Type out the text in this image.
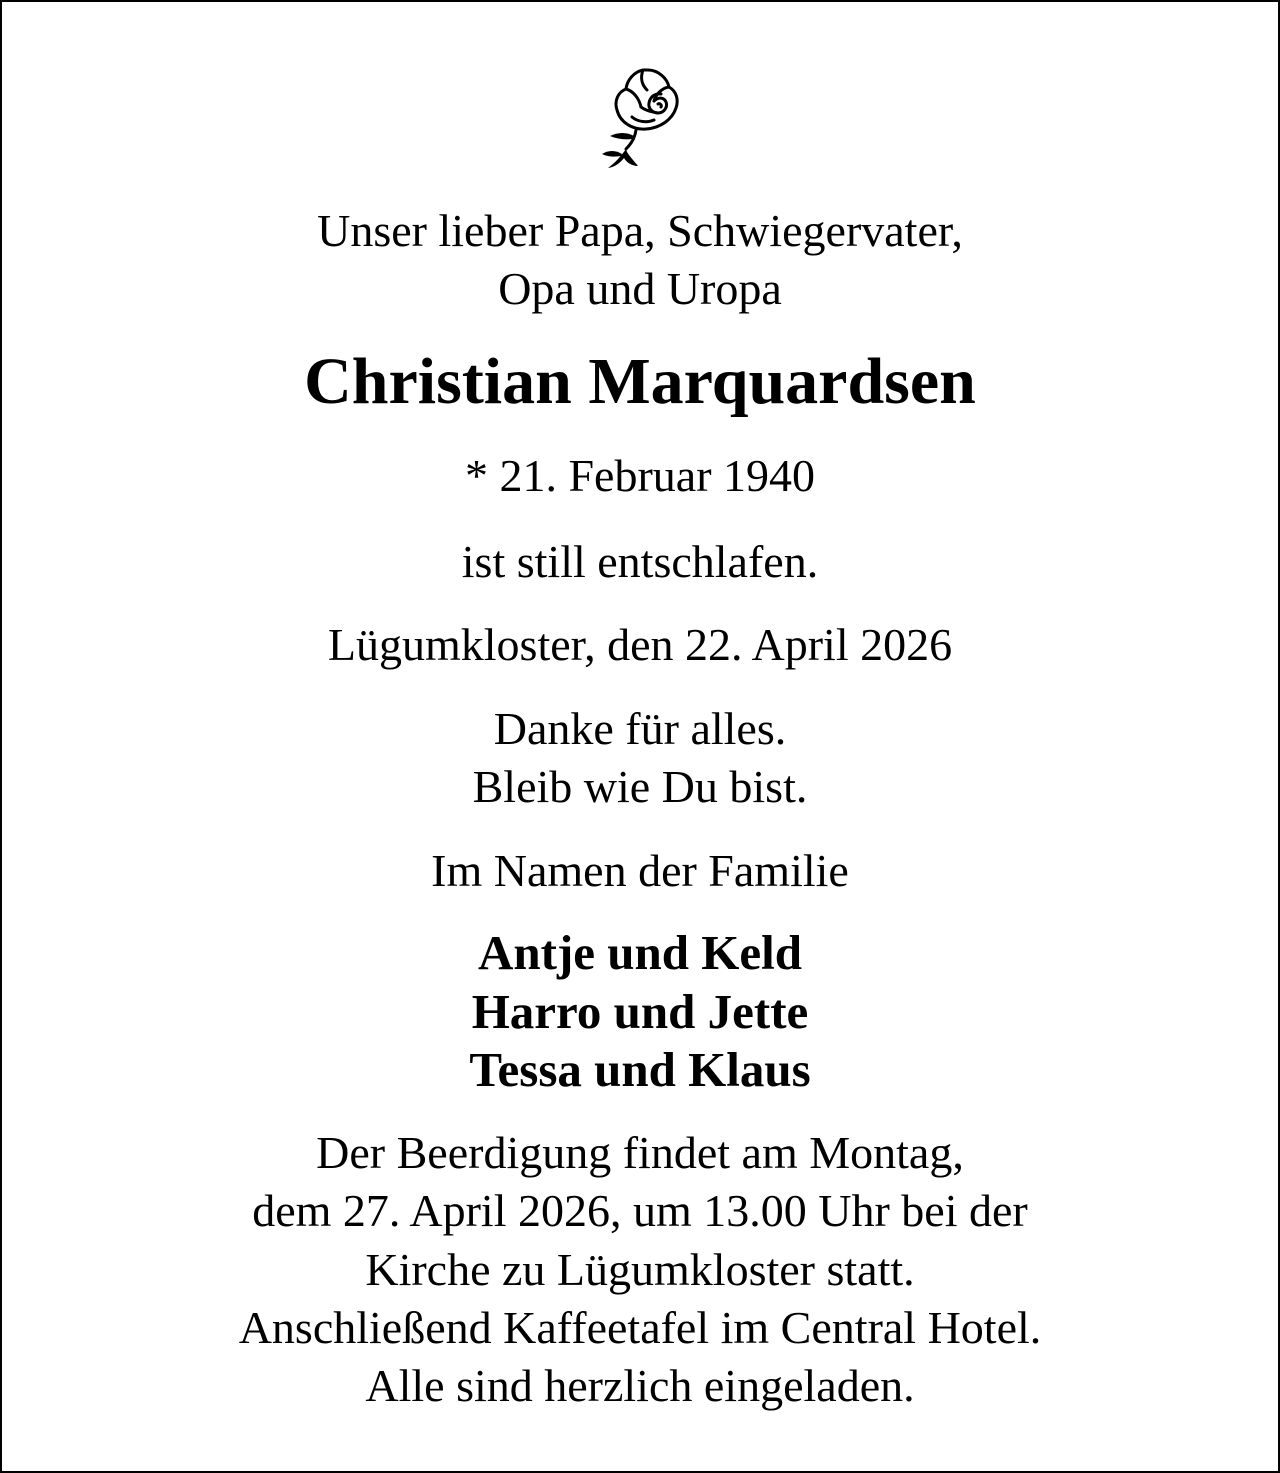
Unser lieber Papa, Schwiegervater,
Opa und Uropa
Christian Marquardsen
* 21. Februar 1940
ist still entschlafen.
Lügumkloster, den 22. April 2026
Danke für alles.
Bleib wie Du bist.
Im Namen der Familie
Antje und Keld
Harro und Jette
Tessa und Klaus
Der Beerdigung findet am Montag,
dem 27. April 2026, um 13.00 Uhr bei der
Kirche zu Lügumkloster statt.
Anschließend Kaffeetafel im Central Hotel.
Alle sind herzlich eingeladen.
